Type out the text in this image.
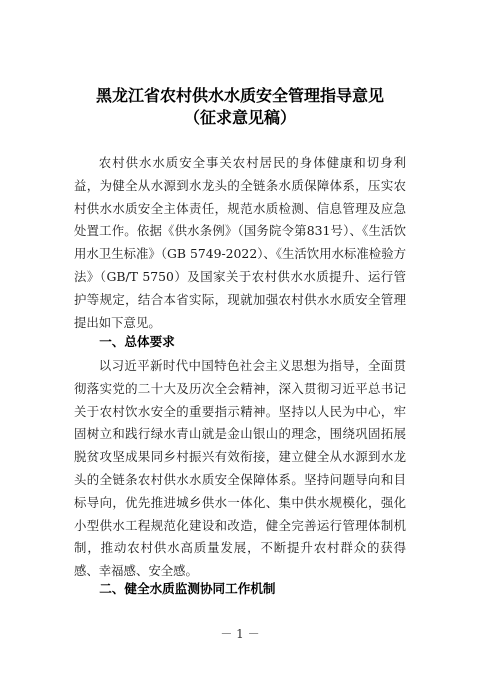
黑龙江省农村供水水质安全管理指导意见
（征求意见稿）

农村供水水质安全事关农村居民的身体健康和切身利益，为健全从水源到水龙头的全链条水质保障体系，压实农村供水水质安全主体责任，规范水质检测、信息管理及应急处置工作。依据《供水条例》（国务院令第831号）、《生活饮用水卫生标准》（GB 5749-2022）、《生活饮用水标准检验方法》（GB/T 5750）及国家关于农村供水水质提升、运行管护等规定，结合本省实际，现就加强农村供水水质安全管理提出如下意见。

一、总体要求

以习近平新时代中国特色社会主义思想为指导，全面贯彻落实党的二十大及历次全会精神，深入贯彻习近平总书记关于农村饮水安全的重要指示精神。坚持以人民为中心，牢固树立和践行绿水青山就是金山银山的理念，围绕巩固拓展脱贫攻坚成果同乡村振兴有效衔接，建立健全从水源到水龙头的全链条农村供水水质安全保障体系。坚持问题导向和目标导向，优先推进城乡供水一体化、集中供水规模化，强化小型供水工程规范化建设和改造，健全完善运行管理体制机制，推动农村供水高质量发展，不断提升农村群众的获得感、幸福感、安全感。

二、健全水质监测协同工作机制
－ 1 －
